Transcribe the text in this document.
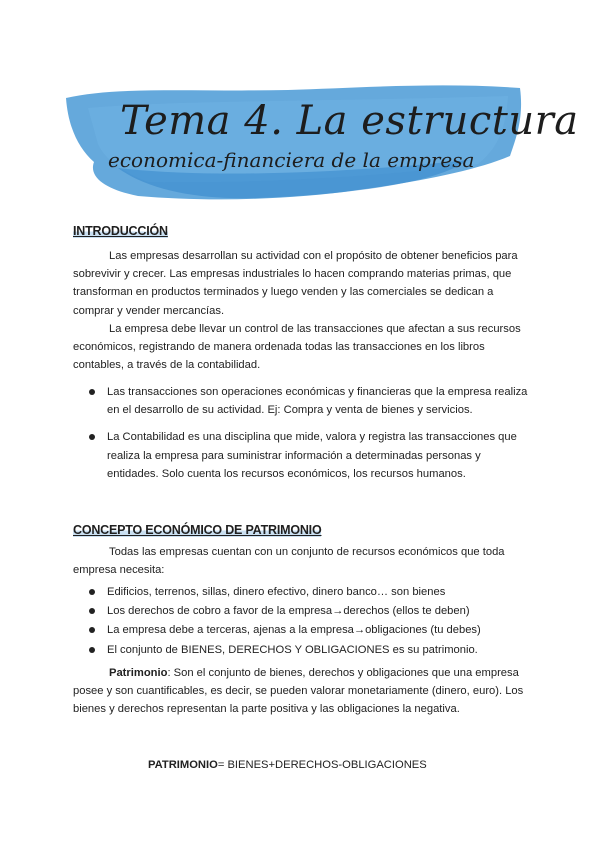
Tema 4. La estructura
economica-financiera de la empresa
INTRODUCCIÓN

Las empresas desarrollan su actividad con el propósito de obtener beneficios para sobrevivir y crecer. Las empresas industriales lo hacen comprando materias primas, que transforman en productos terminados y luego venden y las comerciales se dedican a comprar y vender mercancías.

La empresa debe llevar un control de las transacciones que afectan a sus recursos económicos, registrando de manera ordenada todas las transacciones en los libros contables, a través de la contabilidad.

Las transacciones son operaciones económicas y financieras que la empresa realiza en el desarrollo de su actividad. Ej: Compra y venta de bienes y servicios.
La Contabilidad es una disciplina que mide, valora y registra las transacciones que realiza la empresa para suministrar información a determinadas personas y entidades. Solo cuenta los recursos económicos, los recursos humanos.
CONCEPTO ECONÓMICO DE PATRIMONIO

Todas las empresas cuentan con un conjunto de recursos económicos que toda empresa necesita:

Edificios, terrenos, sillas, dinero efectivo, dinero banco… son bienes
Los derechos de cobro a favor de la empresa→derechos (ellos te deben)
La empresa debe a terceras, ajenas a la empresa→obligaciones (tu debes)
El conjunto de BIENES, DERECHOS Y OBLIGACIONES es su patrimonio.

Patrimonio: Son el conjunto de bienes, derechos y obligaciones que una empresa posee y son cuantificables, es decir, se pueden valorar monetariamente (dinero, euro). Los bienes y derechos representan la parte positiva y las obligaciones la negativa.

PATRIMONIO= BIENES+DERECHOS-OBLIGACIONES
